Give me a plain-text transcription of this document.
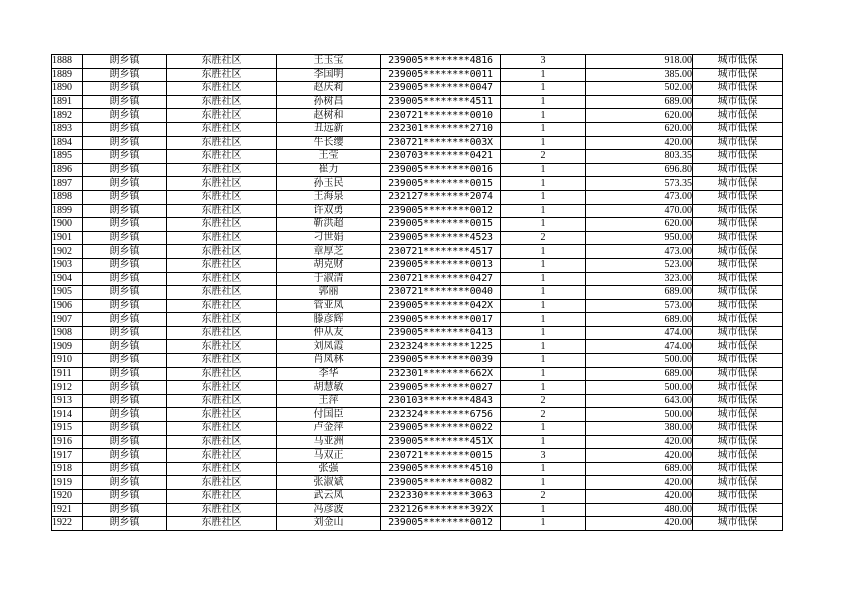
1888	朗乡镇	东胜社区	王玉宝	239005********4816	3	918.00	城市低保
1889	朗乡镇	东胜社区	李国明	239005********0011	1	385.00	城市低保
1890	朗乡镇	东胜社区	赵庆莉	239005********0047	1	502.00	城市低保
1891	朗乡镇	东胜社区	孙树昌	239005********4511	1	689.00	城市低保
1892	朗乡镇	东胜社区	赵树和	230721********0010	1	620.00	城市低保
1893	朗乡镇	东胜社区	丑远新	232301********2710	1	620.00	城市低保
1894	朗乡镇	东胜社区	牛长缨	230721********003X	1	420.00	城市低保
1895	朗乡镇	东胜社区	王莹	230703********0421	2	803.35	城市低保
1896	朗乡镇	东胜社区	崔力	239005********0016	1	696.80	城市低保
1897	朗乡镇	东胜社区	孙玉民	239005********0015	1	573.35	城市低保
1898	朗乡镇	东胜社区	王海泉	232127********2074	1	473.00	城市低保
1899	朗乡镇	东胜社区	许双勇	239005********0012	1	470.00	城市低保
1900	朗乡镇	东胜社区	靳洪超	239005********0015	1	620.00	城市低保
1901	朗乡镇	东胜社区	刁世娟	239005********4523	2	950.00	城市低保
1902	朗乡镇	东胜社区	章厚芝	230721********4517	1	473.00	城市低保
1903	朗乡镇	东胜社区	胡克财	239005********0013	1	523.00	城市低保
1904	朗乡镇	东胜社区	于淑清	230721********0427	1	323.00	城市低保
1905	朗乡镇	东胜社区	郭丽	230721********0040	1	689.00	城市低保
1906	朗乡镇	东胜社区	管亚凤	239005********042X	1	573.00	城市低保
1907	朗乡镇	东胜社区	滕彦辉	239005********0017	1	689.00	城市低保
1908	朗乡镇	东胜社区	仲从友	239005********0413	1	474.00	城市低保
1909	朗乡镇	东胜社区	刘凤霞	232324********1225	1	474.00	城市低保
1910	朗乡镇	东胜社区	肖凤林	239005********0039	1	500.00	城市低保
1911	朗乡镇	东胜社区	李华	232301********662X	1	689.00	城市低保
1912	朗乡镇	东胜社区	胡慧敏	239005********0027	1	500.00	城市低保
1913	朗乡镇	东胜社区	王萍	230103********4843	2	643.00	城市低保
1914	朗乡镇	东胜社区	付国臣	232324********6756	2	500.00	城市低保
1915	朗乡镇	东胜社区	卢金萍	239005********0022	1	380.00	城市低保
1916	朗乡镇	东胜社区	马亚洲	239005********451X	1	420.00	城市低保
1917	朗乡镇	东胜社区	马双正	230721********0015	3	420.00	城市低保
1918	朗乡镇	东胜社区	张强	239005********4510	1	689.00	城市低保
1919	朗乡镇	东胜社区	张淑斌	239005********0082	1	420.00	城市低保
1920	朗乡镇	东胜社区	武云凤	232330********3063	2	420.00	城市低保
1921	朗乡镇	东胜社区	冯彦波	232126********392X	1	480.00	城市低保
1922	朗乡镇	东胜社区	刘金山	239005********0012	1	420.00	城市低保
